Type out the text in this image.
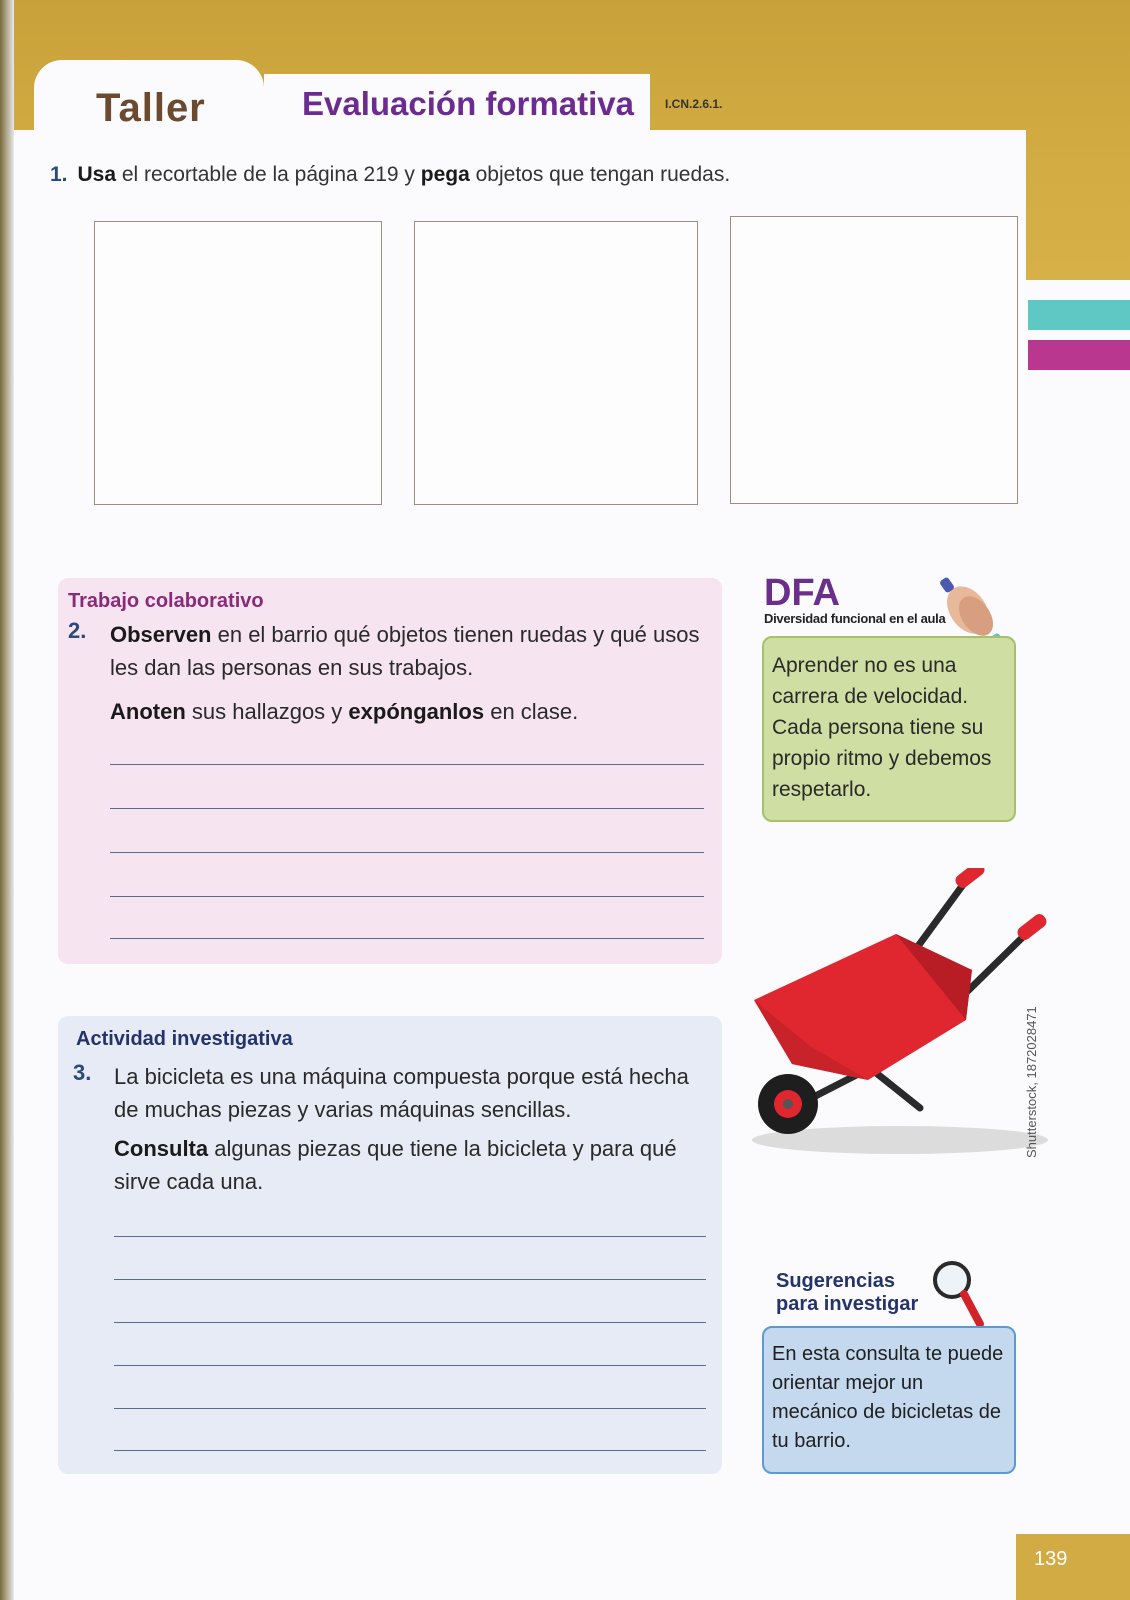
Taller	Evaluación formativa	I.CN.2.6.1.
1. Usa el recortable de la página 219 y pega objetos que tengan ruedas.
Trabajo colaborativo
2. Observen en el barrio qué objetos tienen ruedas y qué usos les dan las personas en sus trabajos.
Anoten sus hallazgos y expónganlos en clase.
Actividad investigativa
3. La bicicleta es una máquina compuesta porque está hecha de muchas piezas y varias máquinas sencillas.
Consulta algunas piezas que tiene la bicicleta y para qué sirve cada una.
DFA
Diversidad funcional en el aula
Aprender no es una carrera de velocidad. Cada persona tiene su propio ritmo y debemos respetarlo.
Shutterstock, 1872028471
Sugerencias
para investigar
En esta consulta te puede orientar mejor un mecánico de bicicletas de tu barrio.
139
